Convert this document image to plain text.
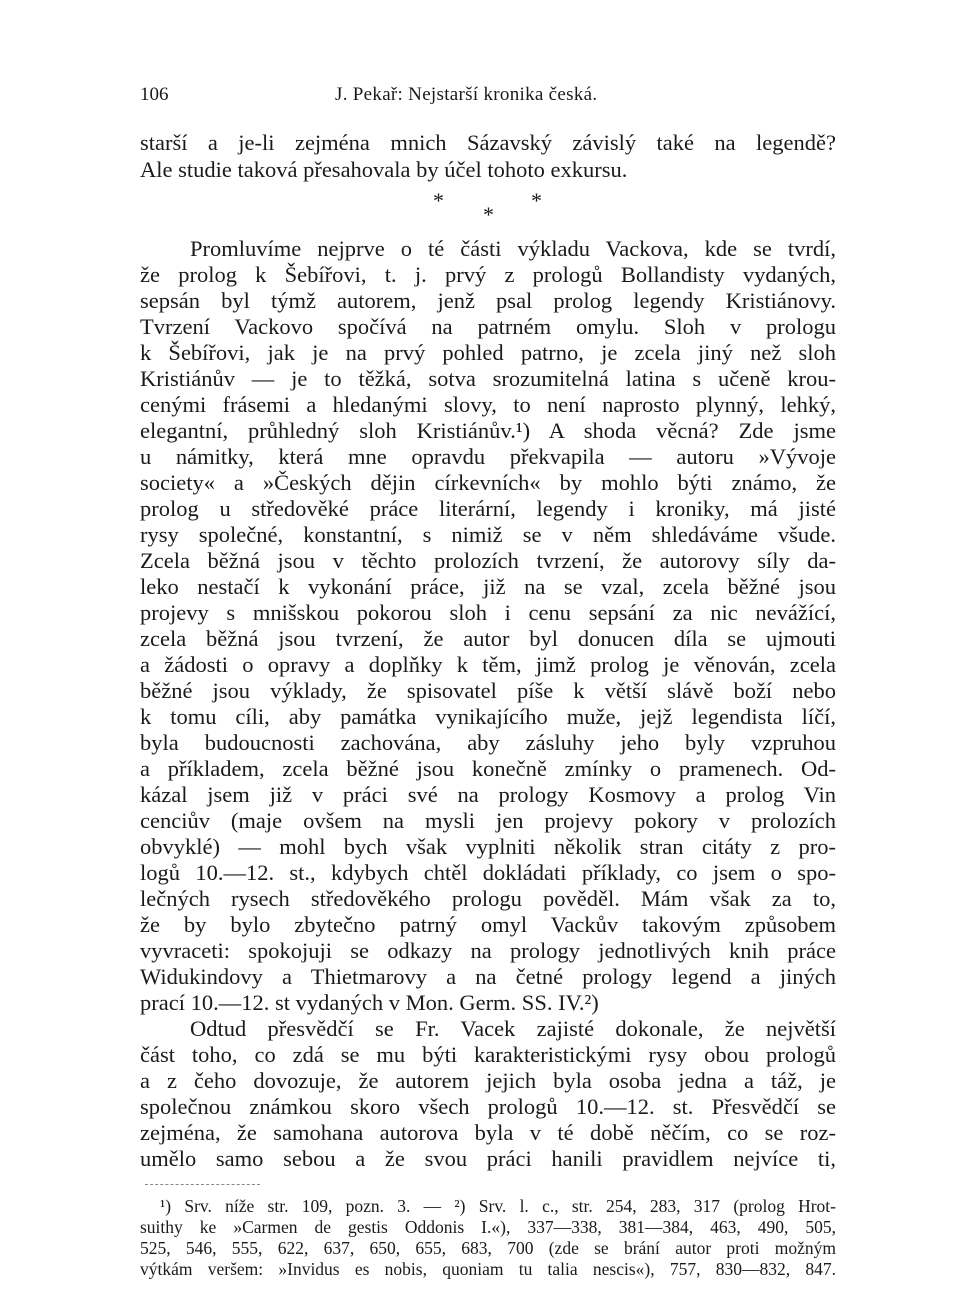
106	J. Pekař: Nejstarší kronika česká.
starší a je-li zejména mnich Sázavský závislý také na legendě?
Ale studie taková přesahovala by účel tohoto exkursu.
*
*
*
Promluvíme nejprve o té části výkladu Vackova, kde se tvrdí,
že prolog k Šebířovi, t. j. prvý z prologů Bollandisty vydaných,
sepsán byl týmž autorem, jenž psal prolog legendy Kristiánovy.
Tvrzení Vackovo spočívá na patrném omylu. Sloh v prologu
k Šebířovi, jak je na prvý pohled patrno, je zcela jiný než sloh
Kristiánův — je to těžká, sotva srozumitelná latina s učeně krou-
cenými frásemi a hledanými slovy, to není naprosto plynný, lehký,
elegantní, průhledný sloh Kristiánův.¹) A shoda věcná? Zde jsme
u námitky, která mne opravdu překvapila — autoru »Vývoje
society« a »Českých dějin církevních« by mohlo býti známo, že
prolog u středověké práce literární, legendy i kroniky, má jisté
rysy společné, konstantní, s nimiž se v něm shledáváme všude.
Zcela běžná jsou v těchto prolozích tvrzení, že autorovy síly da-
leko nestačí k vykonání práce, již na se vzal, zcela běžné jsou
projevy s mnišskou pokorou sloh i cenu sepsání za nic nevážící,
zcela běžná jsou tvrzení, že autor byl donucen díla se ujmouti
a žádosti o opravy a doplňky k těm, jimž prolog je věnován, zcela
běžné jsou výklady, že spisovatel píše k větší slávě boží nebo
k tomu cíli, aby památka vynikajícího muže, jejž legendista líčí,
byla budoucnosti zachována, aby zásluhy jeho byly vzpruhou
a příkladem, zcela běžné jsou konečně zmínky o pramenech. Od-
kázal jsem již v práci své na prology Kosmovy a prolog Vin
cenciův (maje ovšem na mysli jen projevy pokory v prolozích
obvyklé) — mohl bych však vyplniti několik stran citáty z pro-
logů 10.—12. st., kdybych chtěl dokládati příklady, co jsem o spo-
lečných rysech středověkého prologu pověděl. Mám však za to,
že by bylo zbytečno patrný omyl Vackův takovým způsobem
vyvraceti: spokojuji se odkazy na prology jednotlivých knih práce
Widukindovy a Thietmarovy a na četné prology legend a jiných
prací 10.—12. st vydaných v Mon. Germ. SS. IV.²)
Odtud přesvědčí se Fr. Vacek zajisté dokonale, že největší
část toho, co zdá se mu býti karakteristickými rysy obou prologů
a z čeho dovozuje, že autorem jejich byla osoba jedna a táž, je
společnou známkou skoro všech prologů 10.—12. st. Přesvědčí se
zejména, že samohana autorova byla v té době něčím, co se roz-
umělo samo sebou a že svou práci hanili pravidlem nejvíce ti,
¹) Srv. níže str. 109, pozn. 3. — ²) Srv. l. c., str. 254, 283, 317 (prolog Hrot-
suithy ke »Carmen de gestis Oddonis I.«), 337—338, 381—384, 463, 490, 505,
525, 546, 555, 622, 637, 650, 655, 683, 700 (zde se brání autor proti možným
výtkám veršem: »Invidus es nobis, quoniam tu talia nescis«), 757, 830—832, 847.
